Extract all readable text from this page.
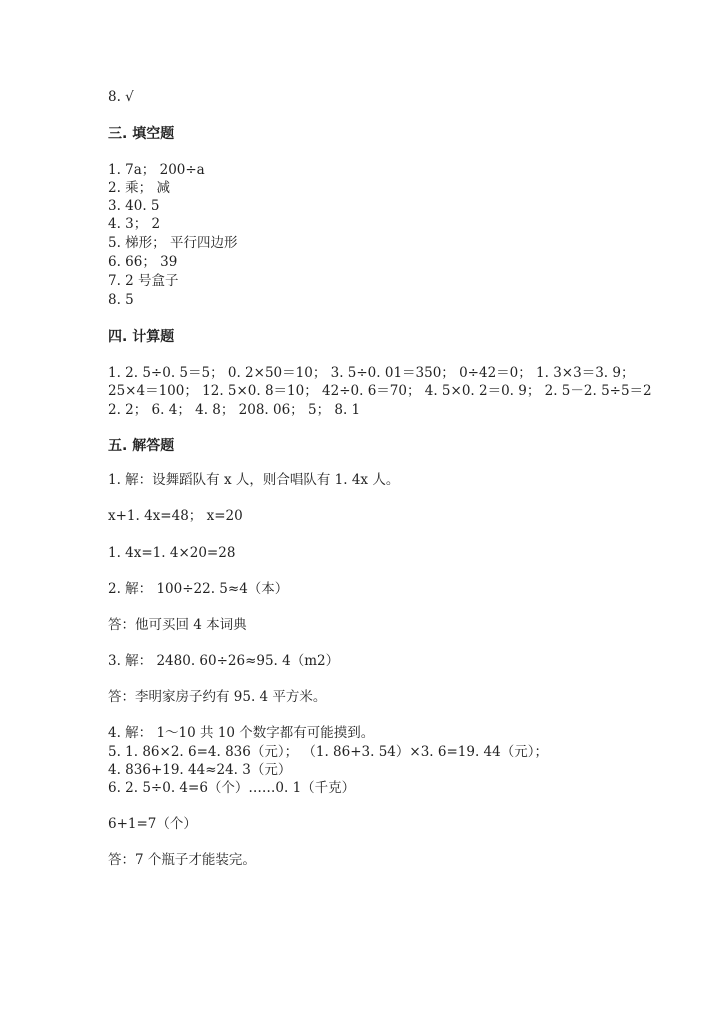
8. √
三. 填空题
1. 7a； 200÷a
2. 乘； 减
3. 40. 5
4. 3； 2
5. 梯形； 平行四边形
6. 66； 39
7. 2 号盒子
8. 5
四. 计算题
1. 2. 5÷0. 5＝5； 0. 2×50＝10； 3. 5÷0. 01＝350； 0÷42＝0； 1. 3×3＝3. 9；
25×4＝100； 12. 5×0. 8＝10； 42÷0. 6＝70； 4. 5×0. 2＝0. 9； 2. 5－2. 5÷5＝2
2. 2； 6. 4； 4. 8； 208. 06； 5； 8. 1
五. 解答题
1. 解：设舞蹈队有 x 人，则合唱队有 1. 4x 人。
x+1. 4x=48； x=20
1. 4x=1. 4×20=28
2. 解： 100÷22. 5≈4（本）
答：他可买回 4 本词典
3. 解： 2480. 60÷26≈95. 4（m2）
答：李明家房子约有 95. 4 平方米。
4. 解： 1～10 共 10 个数字都有可能摸到。
5. 1. 86×2. 6=4. 836（元）； （1. 86+3. 54）×3. 6=19. 44（元）；
4. 836+19. 44≈24. 3（元）
6. 2. 5÷0. 4=6（个）……0. 1（千克）
6+1=7（个）
答：7 个瓶子才能装完。
